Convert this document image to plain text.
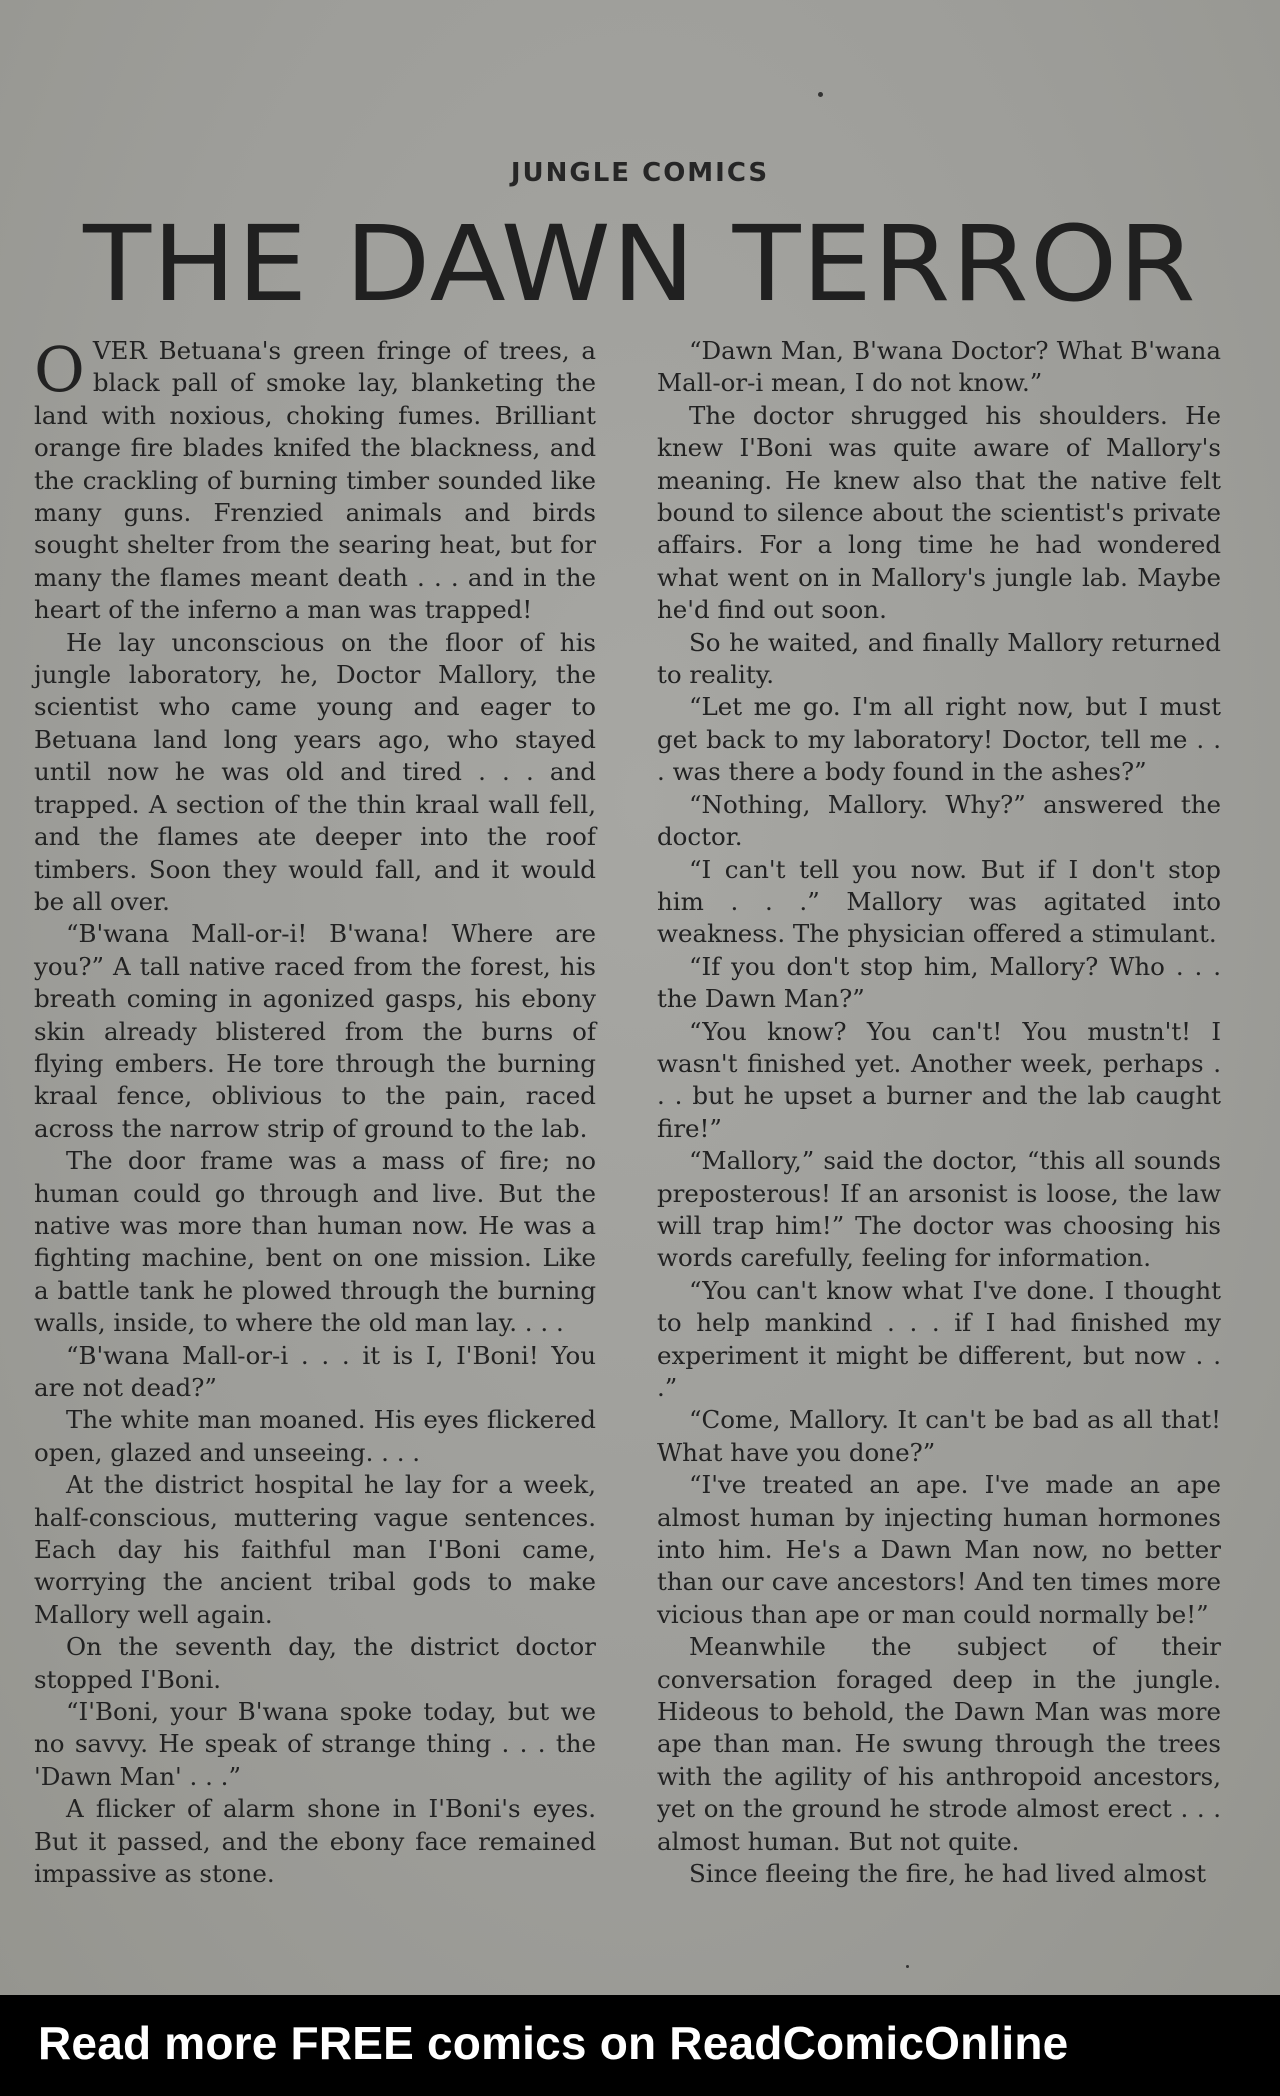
JUNGLE COMICS
THE DAWN TERROR

OVER Betuana's green fringe of trees, a black pall of smoke lay, blanketing the land with noxious, choking fumes. Brilliant orange fire blades knifed the blackness, and the crackling of burning timber sounded like many guns. Frenzied animals and birds sought shelter from the searing heat, but for many the flames meant death . . . and in the heart of the inferno a man was trapped!

He lay unconscious on the floor of his jungle laboratory, he, Doctor Mallory, the scientist who came young and eager to Betuana land long years ago, who stayed until now he was old and tired . . . and trapped. A section of the thin kraal wall fell, and the flames ate deeper into the roof timbers. Soon they would fall, and it would be all over.

“B'wana Mall-or-i! B'wana! Where are you?” A tall native raced from the forest, his breath coming in agonized gasps, his ebony skin already blistered from the burns of flying embers. He tore through the burning kraal fence, oblivious to the pain, raced across the narrow strip of ground to the lab.

The door frame was a mass of fire; no human could go through and live. But the native was more than human now. He was a fighting machine, bent on one mission. Like a battle tank he plowed through the burning walls, inside, to where the old man lay. . . .

“B'wana Mall-or-i . . . it is I, I'Boni! You are not dead?”

The white man moaned. His eyes flickered open, glazed and unseeing. . . .

At the district hospital he lay for a week, half-conscious, muttering vague sentences. Each day his faithful man I'Boni came, worrying the ancient tribal gods to make Mallory well again.

On the seventh day, the district doctor stopped I'Boni.

“I'Boni, your B'wana spoke today, but we no savvy. He speak of strange thing . . . the 'Dawn Man' . . .”

A flicker of alarm shone in I'Boni's eyes. But it passed, and the ebony face remained impassive as stone.

“Dawn Man, B'wana Doctor? What B'wana Mall-or-i mean, I do not know.”

The doctor shrugged his shoulders. He knew I'Boni was quite aware of Mallory's meaning. He knew also that the native felt bound to silence about the scientist's private affairs. For a long time he had wondered what went on in Mallory's jungle lab. Maybe he'd find out soon.

So he waited, and finally Mallory returned to reality.

“Let me go. I'm all right now, but I must get back to my laboratory! Doctor, tell me . . . was there a body found in the ashes?”

“Nothing, Mallory. Why?” answered the doctor.

“I can't tell you now. But if I don't stop him . . .” Mallory was agitated into weakness. The physician offered a stimulant.

“If you don't stop him, Mallory? Who . . . the Dawn Man?”

“You know? You can't! You mustn't! I wasn't finished yet. Another week, perhaps . . . but he upset a burner and the lab caught fire!”

“Mallory,” said the doctor, “this all sounds preposterous! If an arsonist is loose, the law will trap him!” The doctor was choosing his words carefully, feeling for information.

“You can't know what I've done. I thought to help mankind . . . if I had finished my experiment it might be different, but now . . .”

“Come, Mallory. It can't be bad as all that! What have you done?”

“I've treated an ape. I've made an ape almost human by injecting human hormones into him. He's a Dawn Man now, no better than our cave ancestors! And ten times more vicious than ape or man could normally be!”

Meanwhile the subject of their conversation foraged deep in the jungle. Hideous to behold, the Dawn Man was more ape than man. He swung through the trees with the agility of his anthropoid ancestors, yet on the ground he strode almost erect . . . almost human. But not quite.

Since fleeing the fire, he had lived almost

Read more FREE comics on ReadComicOnline
